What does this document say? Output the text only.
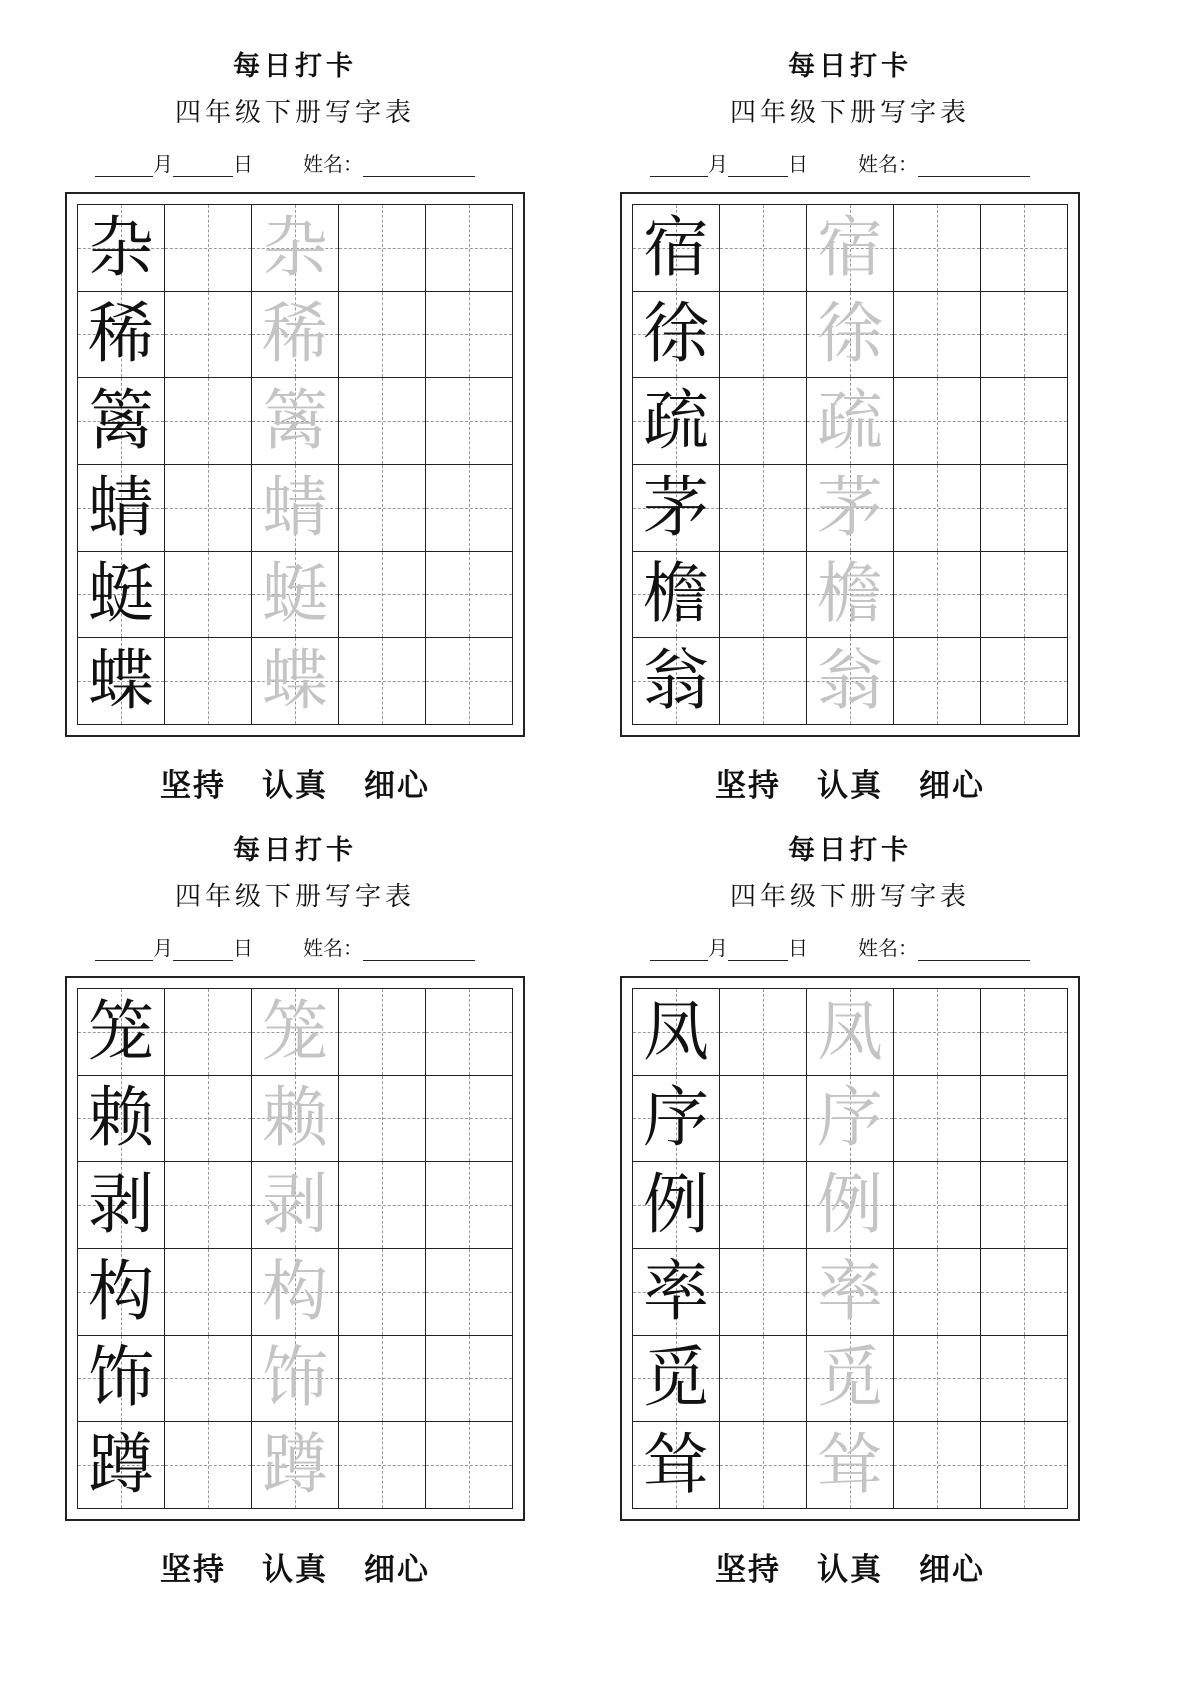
每日打卡
四年级下册写字表
月	日	姓名：
杂 杂
稀 稀
篱 篱
蜻 蜻
蜓 蜓
蝶 蝶
坚持 认真 细心
每日打卡
四年级下册写字表
月	日	姓名：
宿 宿
徐 徐
疏 疏
茅 茅
檐 檐
翁 翁
坚持 认真 细心
每日打卡
四年级下册写字表
月	日	姓名：
笼 笼
赖 赖
剥 剥
构 构
饰 饰
蹲 蹲
坚持 认真 细心
每日打卡
四年级下册写字表
月	日	姓名：
凤 凤
序 序
例 例
率 率
觅 觅
耸 耸
坚持 认真 细心
